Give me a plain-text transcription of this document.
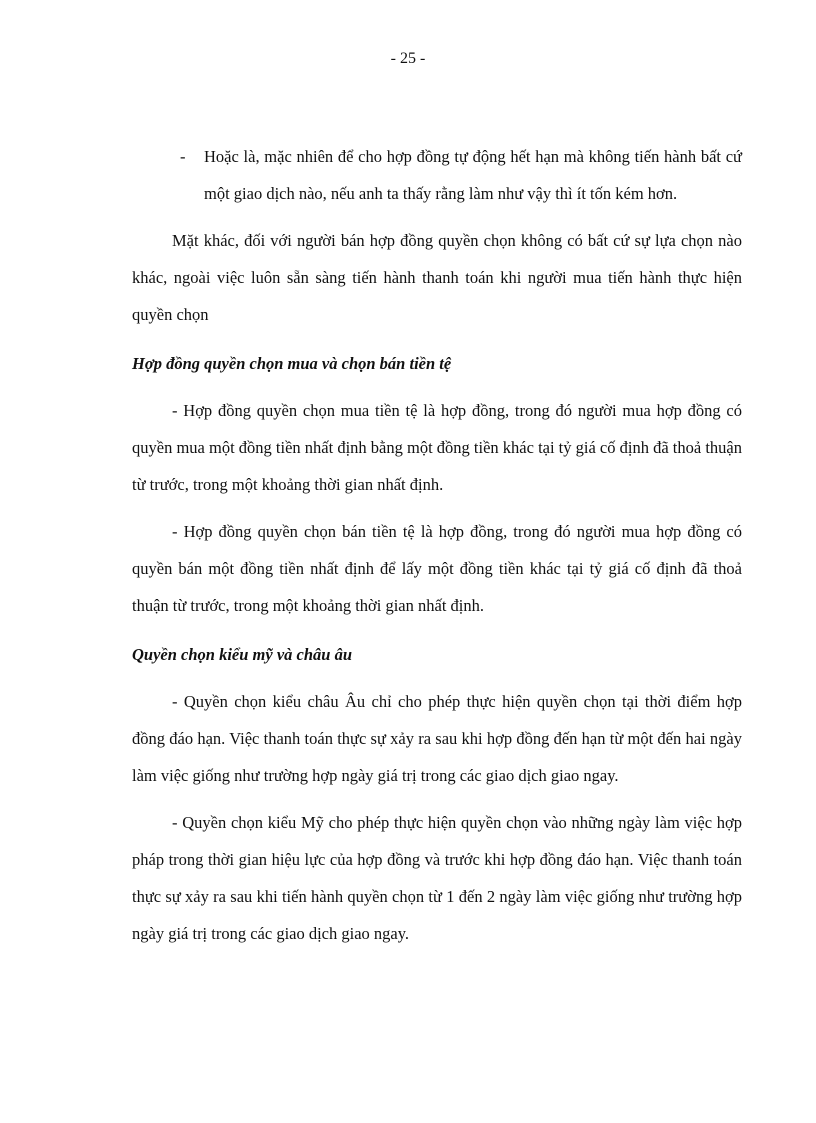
- 25 -
- Hoặc là, mặc nhiên để cho hợp đồng tự động hết hạn mà không tiến hành bất cứ một giao dịch nào, nếu anh ta thấy rằng làm như vậy thì ít tốn kém hơn.

Mặt khác, đối với người bán hợp đồng quyền chọn không có bất cứ sự lựa chọn nào khác, ngoài việc luôn sẵn sàng tiến hành thanh toán khi người mua tiến hành thực hiện quyền chọn

Hợp đồng quyền chọn mua và chọn bán tiền tệ

- Hợp đồng quyền chọn mua tiền tệ là hợp đồng, trong đó người mua hợp đồng có quyền mua một đồng tiền nhất định bằng một đồng tiền khác tại tỷ giá cố định đã thoả thuận từ trước, trong một khoảng thời gian nhất định.

- Hợp đồng quyền chọn bán tiền tệ là hợp đồng, trong đó người mua hợp đồng có quyền bán một đồng tiền nhất định để lấy một đồng tiền khác tại tỷ giá cố định đã thoả thuận từ trước, trong một khoảng thời gian nhất định.

Quyền chọn kiểu mỹ và châu âu

- Quyền chọn kiểu châu Âu chỉ cho phép thực hiện quyền chọn tại thời điểm hợp đồng đáo hạn. Việc thanh toán thực sự xảy ra sau khi hợp đồng đến hạn từ một đến hai ngày làm việc giống như trường hợp ngày giá trị trong các giao dịch giao ngay.

- Quyền chọn kiểu Mỹ cho phép thực hiện quyền chọn vào những ngày làm việc hợp pháp trong thời gian hiệu lực của hợp đồng và trước khi hợp đồng đáo hạn. Việc thanh toán thực sự xảy ra sau khi tiến hành quyền chọn từ 1 đến 2 ngày làm việc giống như trường hợp ngày giá trị trong các giao dịch giao ngay.
